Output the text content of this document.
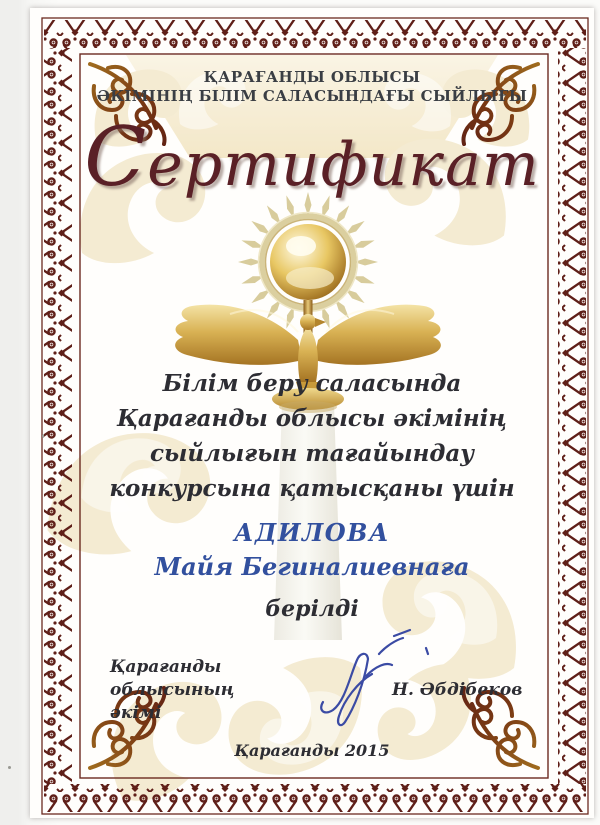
ҚАРАҒАНДЫ ОБЛЫСЫ
ӘКІМІНІҢ БІЛІМ САЛАСЫНДАҒЫ СЫЙЛЫҒЫ
Сертификат
Білім беру саласында
Қарағанды облысы әкімінің
сыйлығын тағайындау
конкурсына қатысқаны үшін
АДИЛОВА
Майя Бегиналиевнаға
берілді
Қарағанды облысының
әкімі
Н. Әбдібеков
Қарағанды 2015
